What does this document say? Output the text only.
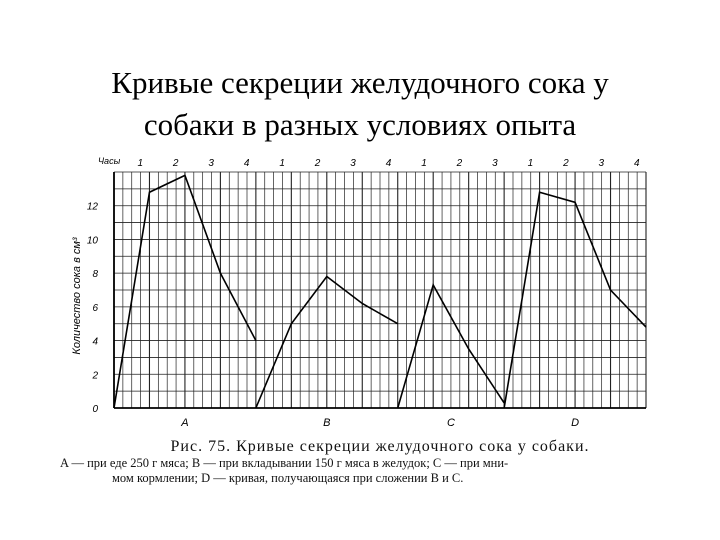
Кривые секреции желудочного сока у
собаки в разных условиях опыта
0
2
4
6
8
10
12
Количество сока в см³
Часы 1	2	3	4	1	2	3	4	1	2	3	1	2	3	4
A	B	C	D
Рис. 75. Кривые секреции желудочного сока у собаки.
A — при еде 250 г мяса; B — при вкладывании 150 г мяса в желудок; C — при мни-
мом кормлении; D — кривая, получающаяся при сложении B и C.
